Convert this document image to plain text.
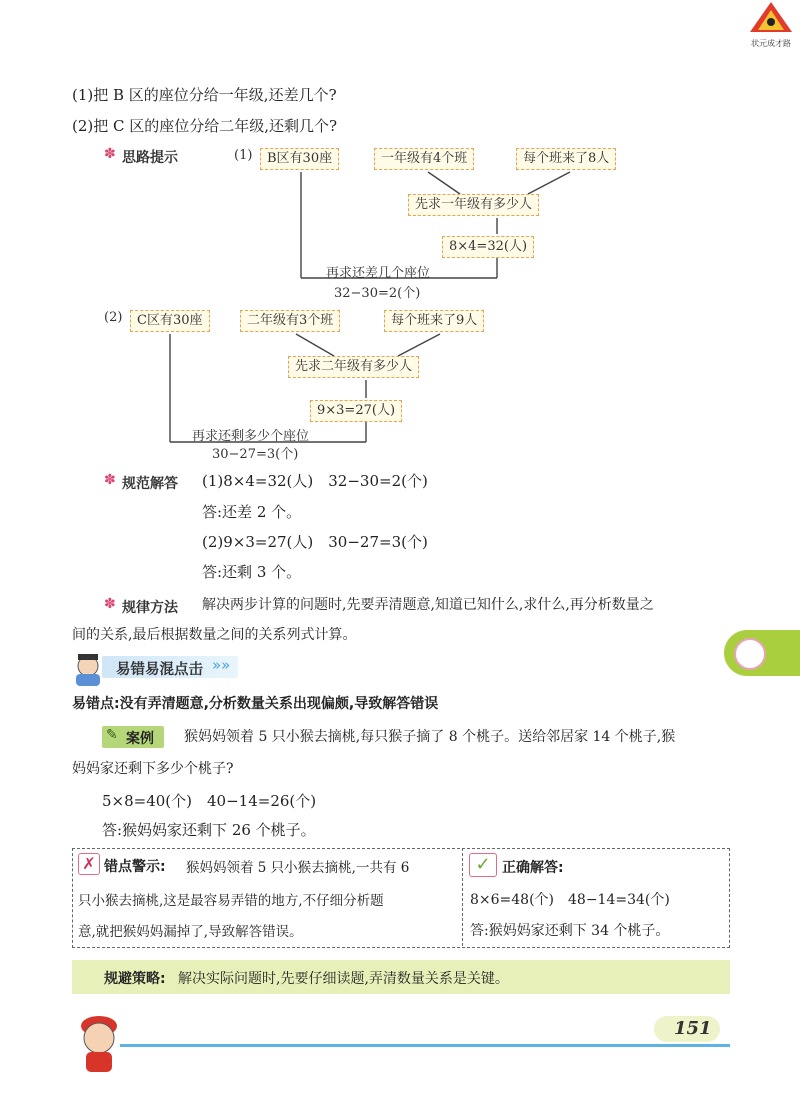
状元成才路
(1)把 B 区的座位分给一年级,还差几个?
(2)把 C 区的座位分给二年级,还剩几个?
✽ 思路提示	(1)	B区有30座	一年级有4个班	每个班来了8人
先求一年级有多少人
8×4=32(人)
再求还差几个座位
32−30=2(个)
(2)	C区有30座	二年级有3个班	每个班来了9人
先求二年级有多少人
9×3=27(人)
再求还剩多少个座位
30−27=3(个)
✽ 规范解答 (1)8×4=32(人)　32−30=2(个)
答:还差 2 个。
(2)9×3=27(人)　30−27=3(个)
答:还剩 3 个。
✽ 规律方法 解决两步计算的问题时,先要弄清题意,知道已知什么,求什么,再分析数量之
间的关系,最后根据数量之间的关系列式计算。
易错易混点击 »»
易错点:没有弄清题意,分析数量关系出现偏颇,导致解答错误
✎ 案例 猴妈妈领着 5 只小猴去摘桃,每只猴子摘了 8 个桃子。送给邻居家 14 个桃子,猴
妈妈家还剩下多少个桃子?
5×8=40(个)　40−14=26(个)
答:猴妈妈家还剩下 26 个桃子。
✗ 错点警示: 猴妈妈领着 5 只小猴去摘桃,一共有 6
只小猴去摘桃,这是最容易弄错的地方,不仔细分析题
意,就把猴妈妈漏掉了,导致解答错误。
✓ 正确解答:
8×6=48(个)　48−14=34(个)
答:猴妈妈家还剩下 34 个桃子。
规避策略: 解决实际问题时,先要仔细读题,弄清数量关系是关键。
151
